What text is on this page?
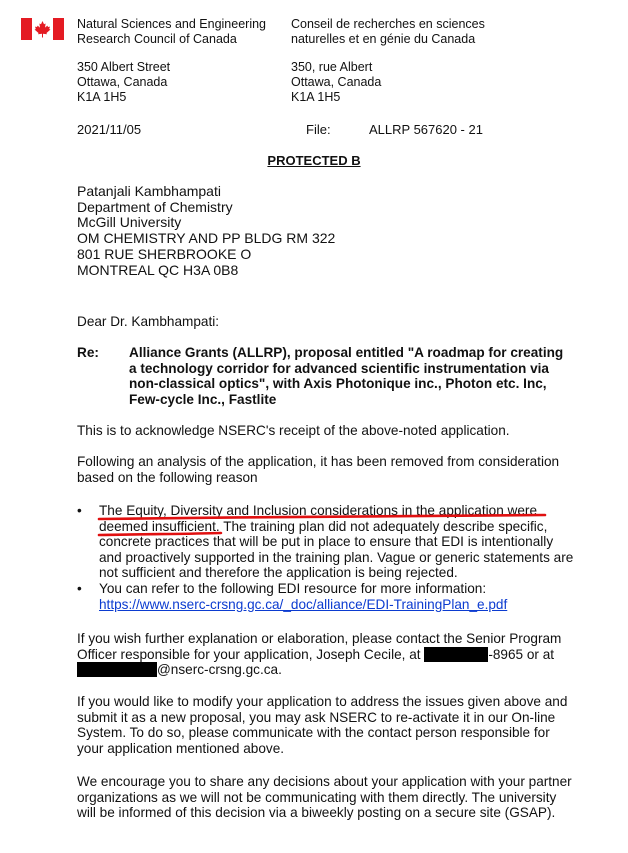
Natural Sciences and Engineering
Research Council of Canada
Conseil de recherches en sciences
naturelles et en génie du Canada
350 Albert Street
Ottawa, Canada
K1A 1H5
350, rue Albert
Ottawa, Canada
K1A 1H5
2021/11/05	File:	ALLRP 567620 - 21
PROTECTED B
Patanjali Kambhampati
Department of Chemistry
McGill University
OM CHEMISTRY AND PP BLDG RM 322
801 RUE SHERBROOKE O
MONTREAL QC H3A 0B8
Dear Dr. Kambhampati:
Re: Alliance Grants (ALLRP), proposal entitled "A roadmap for creating a technology corridor for advanced scientific instrumentation via non-classical optics", with Axis Photonique inc., Photon etc. Inc, Few-cycle Inc., Fastlite
This is to acknowledge NSERC's receipt of the above-noted application.
Following an analysis of the application, it has been removed from consideration based on the following reason
• The Equity, Diversity and Inclusion considerations in the application were deemed insufficient. The training plan did not adequately describe specific, concrete practices that will be put in place to ensure that EDI is intentionally and proactively supported in the training plan. Vague or generic statements are not sufficient and therefore the application is being rejected.
• You can refer to the following EDI resource for more information:
https://www.nserc-crsng.gc.ca/_doc/alliance/EDI-TrainingPlan_e.pdf
If you wish further explanation or elaboration, please contact the Senior Program Officer responsible for your application, Joseph Cecile, at	-8965 or at @nserc-crsng.gc.ca.
If you would like to modify your application to address the issues given above and submit it as a new proposal, you may ask NSERC to re-activate it in our On-line System. To do so, please communicate with the contact person responsible for your application mentioned above.
We encourage you to share any decisions about your application with your partner organizations as we will not be communicating with them directly. The university will be informed of this decision via a biweekly posting on a secure site (GSAP).
